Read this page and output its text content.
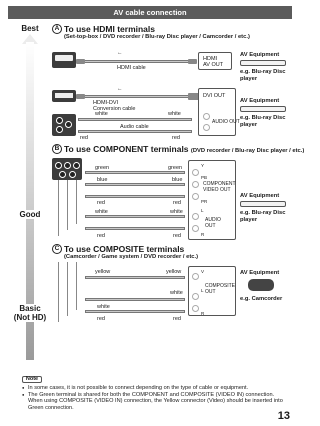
AV cable connection
Best
Good
Basic
(Not HD)
A To use HDMI terminals
(Set-top-box / DVD recorder / Blu-ray Disc player / Camcorder / etc.)
←
HDMI cable
HDMI
AV OUT
AV Equipment
e.g. Blu-ray Disc
player
←
HDMI-DVI
Conversion cable
white	white
Audio cable
red	red
DVI OUT
AUDIO OUT
AV Equipment
e.g. Blu-ray Disc
player
B To use COMPONENT terminals (DVD recorder / Blu-ray Disc player / etc.)
green	green
blue	blue
red	red
white	white
red	red
Y
PB
PR
COMPONENT
VIDEO OUT
L
R
AUDIO
OUT
AV Equipment
e.g. Blu-ray Disc
player
C To use COMPOSITE terminals
(Camcorder / Game system / DVD recorder / etc.)
yellow	yellow
white
white
red	red
V
L
R
COMPOSITE
OUT
AV Equipment
e.g. Camcorder
Note
● In some cases, it is not possible to connect depending on the type of cable or equipment.
● The Green terminal is shared for both the COMPONENT and COMPOSITE (VIDEO IN) connection. When using COMPOSITE (VIDEO IN) connection, the Yellow connector (Video) should be inserted into Green connection.
13
